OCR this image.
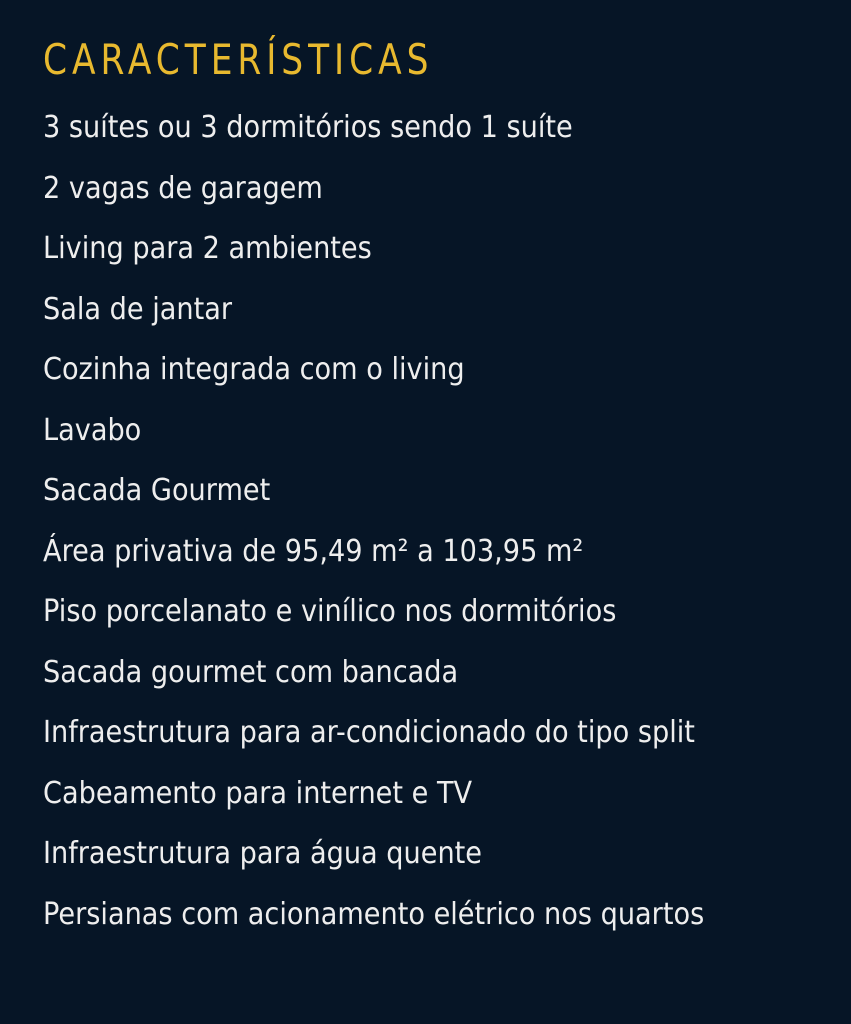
CARACTERÍSTICAS
3 suítes ou 3 dormitórios sendo 1 suíte
2 vagas de garagem
Living para 2 ambientes
Sala de jantar
Cozinha integrada com o living
Lavabo
Sacada Gourmet
Área privativa de 95,49 m² a 103,95 m²
Piso porcelanato e vinílico nos dormitórios
Sacada gourmet com bancada
Infraestrutura para ar-condicionado do tipo split
Cabeamento para internet e TV
Infraestrutura para água quente
Persianas com acionamento elétrico nos quartos
